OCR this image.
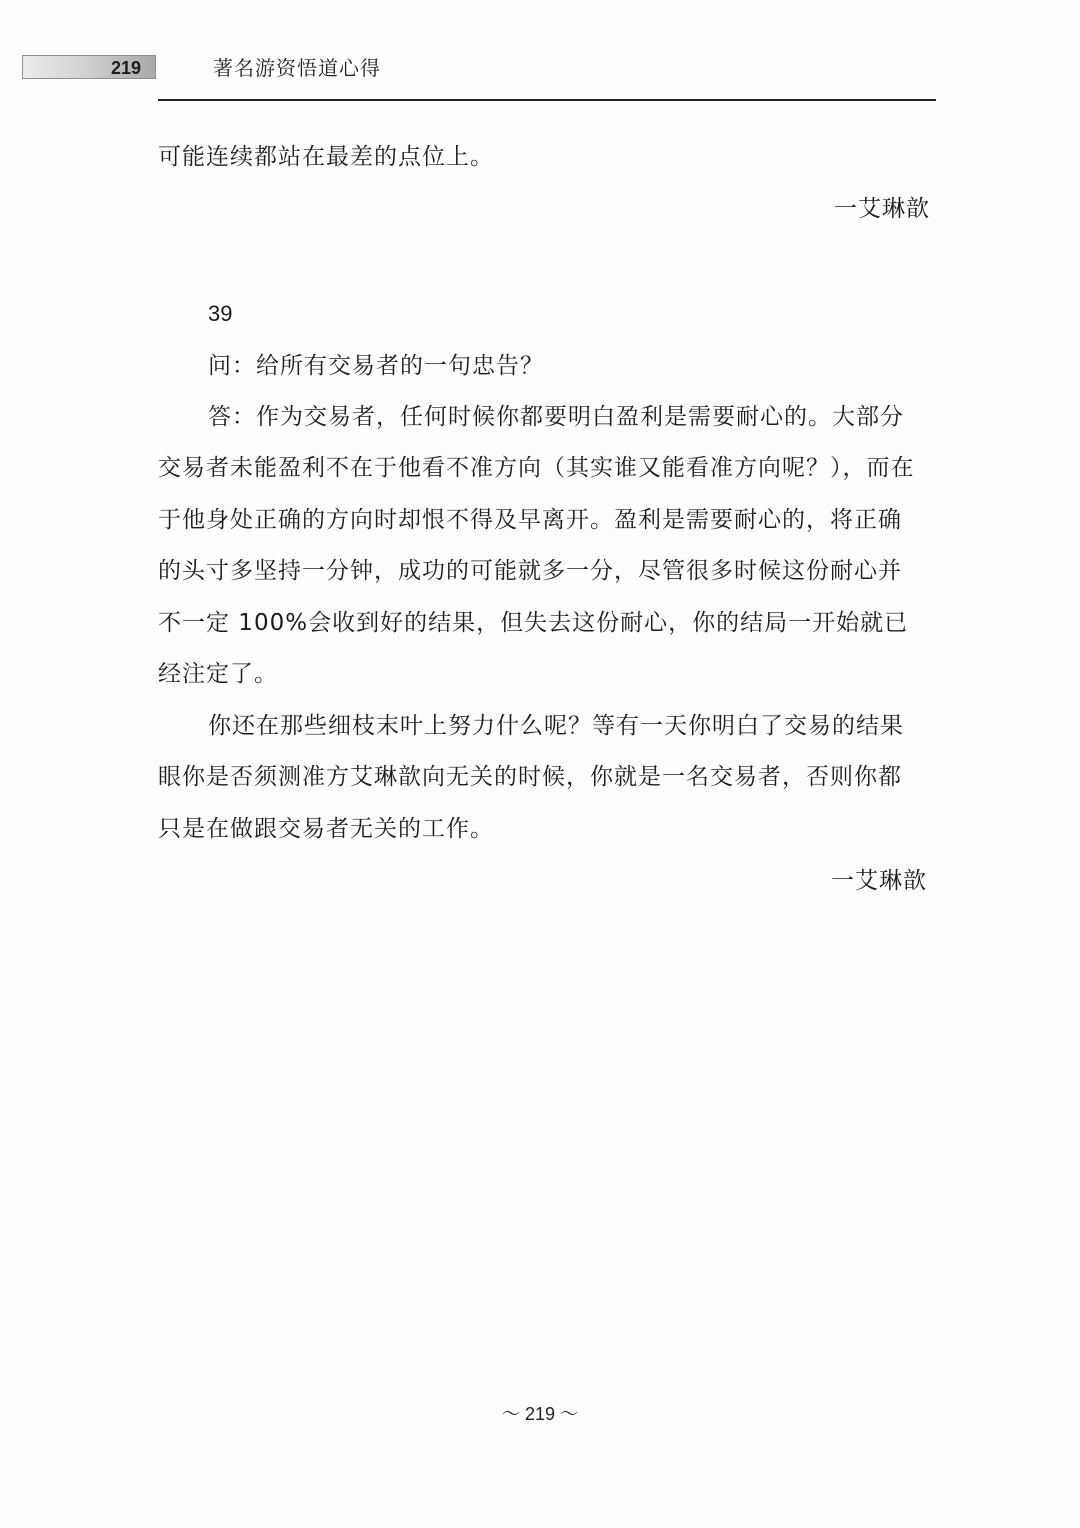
219	著名游资悟道心得
可能连续都站在最差的点位上。
一艾琳歆
39
问：给所有交易者的一句忠告？
答：作为交易者，任何时候你都要明白盈利是需要耐心的。大部分
交易者未能盈利不在于他看不准方向（其实谁又能看准方向呢？），而在
于他身处正确的方向时却恨不得及早离开。盈利是需要耐心的，将正确
的头寸多坚持一分钟，成功的可能就多一分，尽管很多时候这份耐心并
不一定 100%会收到好的结果，但失去这份耐心，你的结局一开始就已
经注定了。
你还在那些细枝末叶上努力什么呢？等有一天你明白了交易的结果
眼你是否须测准方艾琳歆向无关的时候，你就是一名交易者，否则你都
只是在做跟交易者无关的工作。
一艾琳歆
～ 219 ～
